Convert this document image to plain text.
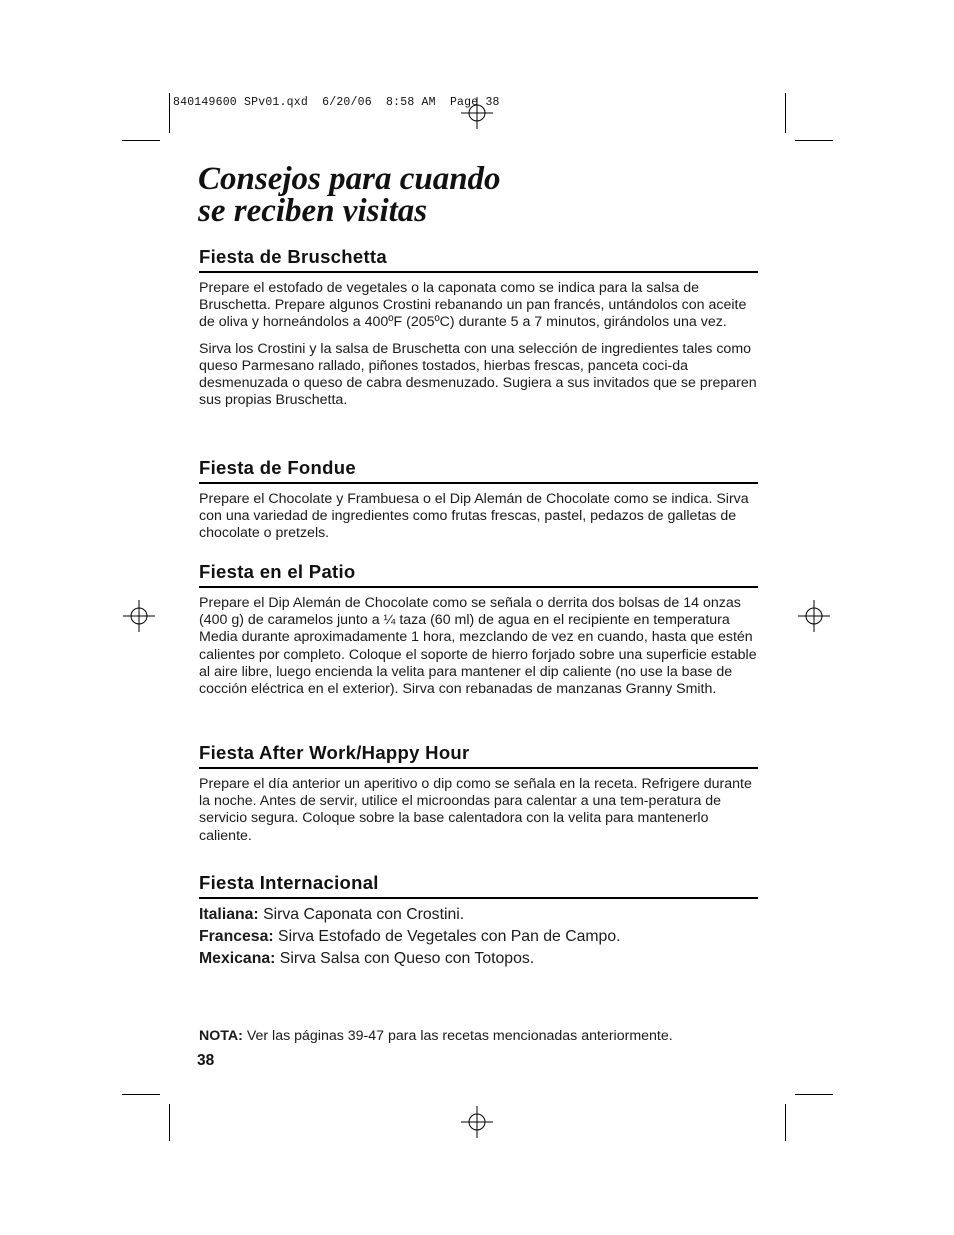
840149600 SPv01.qxd  6/20/06  8:58 AM  Page 38
Consejos para cuando
se reciben visitas
Fiesta de Bruschetta

Prepare el estofado de vegetales o la caponata como se indica para la salsa de Bruschetta. Prepare algunos Crostini rebanando un pan francés, untándolos con aceite de oliva y horneándolos a 400ºF (205ºC) durante 5 a 7 minutos, girándolos una vez.

Sirva los Crostini y la salsa de Bruschetta con una selección de ingredientes tales como queso Parmesano rallado, piñones tostados, hierbas frescas, panceta coci-da desmenuzada o queso de cabra desmenuzado. Sugiera a sus invitados que se preparen sus propias Bruschetta.

Fiesta de Fondue

Prepare el Chocolate y Frambuesa o el Dip Alemán de Chocolate como se indica. Sirva con una variedad de ingredientes como frutas frescas, pastel, pedazos de galletas de chocolate o pretzels.

Fiesta en el Patio

Prepare el Dip Alemán de Chocolate como se señala o derrita dos bolsas de 14 onzas (400 g) de caramelos junto a ¼ taza (60 ml) de agua en el recipiente en temperatura Media durante aproximadamente 1 hora, mezclando de vez en cuando, hasta que estén calientes por completo. Coloque el soporte de hierro forjado sobre una superficie estable al aire libre, luego encienda la velita para mantener el dip caliente (no use la base de cocción eléctrica en el exterior). Sirva con rebanadas de manzanas Granny Smith.

Fiesta After Work/Happy Hour

Prepare el día anterior un aperitivo o dip como se señala en la receta. Refrigere durante la noche. Antes de servir, utilice el microondas para calentar a una tem-peratura de servicio segura. Coloque sobre la base calentadora con la velita para mantenerlo caliente.

Fiesta Internacional
Italiana: Sirva Caponata con Crostini.
Francesa: Sirva Estofado de Vegetales con Pan de Campo.
Mexicana: Sirva Salsa con Queso con Totopos.
NOTA: Ver las páginas 39-47 para las recetas mencionadas anteriormente.
38
